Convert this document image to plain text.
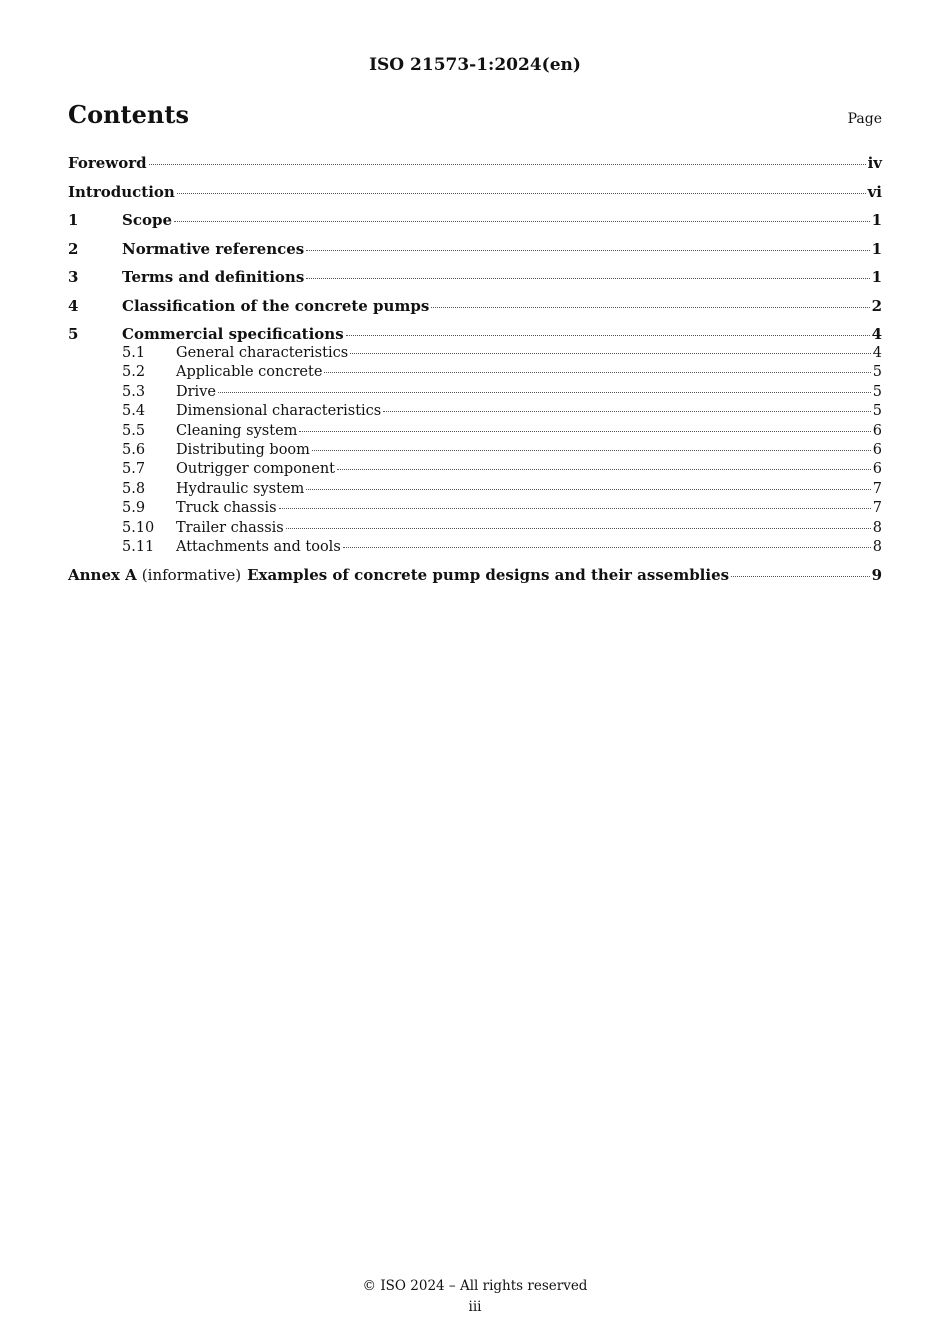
ISO 21573-1:2024(en)
Contents	Page
Foreword	iv
Introduction	vi
1	Scope	1
2	Normative references	1
3	Terms and definitions	1
4	Classification of the concrete pumps	2
5	Commercial specifications	4
5.1	General characteristics	4
5.2	Applicable concrete	5
5.3	Drive	5
5.4	Dimensional characteristics	5
5.5	Cleaning system	6
5.6	Distributing boom	6
5.7	Outrigger component	6
5.8	Hydraulic system	7
5.9	Truck chassis	7
5.10	Trailer chassis	8
5.11	Attachments and tools	8
Annex A (informative) Examples of concrete pump designs and their assemblies	9
© ISO 2024 – All rights reserved
iii
